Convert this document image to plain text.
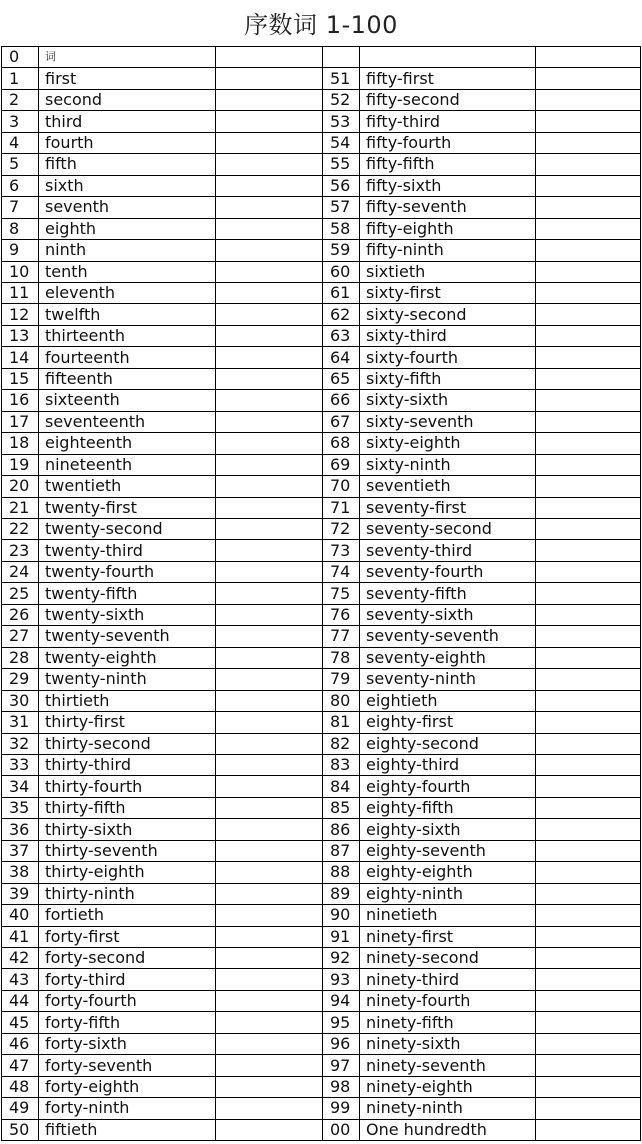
序数词 1-100
0	词				
1	first		51	fifty-first	
2	second		52	fifty-second	
3	third		53	fifty-third	
4	fourth		54	fifty-fourth	
5	fifth		55	fifty-fifth	
6	sixth		56	fifty-sixth	
7	seventh		57	fifty-seventh	
8	eighth		58	fifty-eighth	
9	ninth		59	fifty-ninth	
10	tenth		60	sixtieth	
11	eleventh		61	sixty-first	
12	twelfth		62	sixty-second	
13	thirteenth		63	sixty-third	
14	fourteenth		64	sixty-fourth	
15	fifteenth		65	sixty-fifth	
16	sixteenth		66	sixty-sixth	
17	seventeenth		67	sixty-seventh	
18	eighteenth		68	sixty-eighth	
19	nineteenth		69	sixty-ninth	
20	twentieth		70	seventieth	
21	twenty-first		71	seventy-first	
22	twenty-second		72	seventy-second	
23	twenty-third		73	seventy-third	
24	twenty-fourth		74	seventy-fourth	
25	twenty-fifth		75	seventy-fifth	
26	twenty-sixth		76	seventy-sixth	
27	twenty-seventh		77	seventy-seventh	
28	twenty-eighth		78	seventy-eighth	
29	twenty-ninth		79	seventy-ninth	
30	thirtieth		80	eightieth	
31	thirty-first		81	eighty-first	
32	thirty-second		82	eighty-second	
33	thirty-third		83	eighty-third	
34	thirty-fourth		84	eighty-fourth	
35	thirty-fifth		85	eighty-fifth	
36	thirty-sixth		86	eighty-sixth	
37	thirty-seventh		87	eighty-seventh	
38	thirty-eighth		88	eighty-eighth	
39	thirty-ninth		89	eighty-ninth	
40	fortieth		90	ninetieth	
41	forty-first		91	ninety-first	
42	forty-second		92	ninety-second	
43	forty-third		93	ninety-third	
44	forty-fourth		94	ninety-fourth	
45	forty-fifth		95	ninety-fifth	
46	forty-sixth		96	ninety-sixth	
47	forty-seventh		97	ninety-seventh	
48	forty-eighth		98	ninety-eighth	
49	forty-ninth		99	ninety-ninth	
50	fiftieth		00	One hundredth	
